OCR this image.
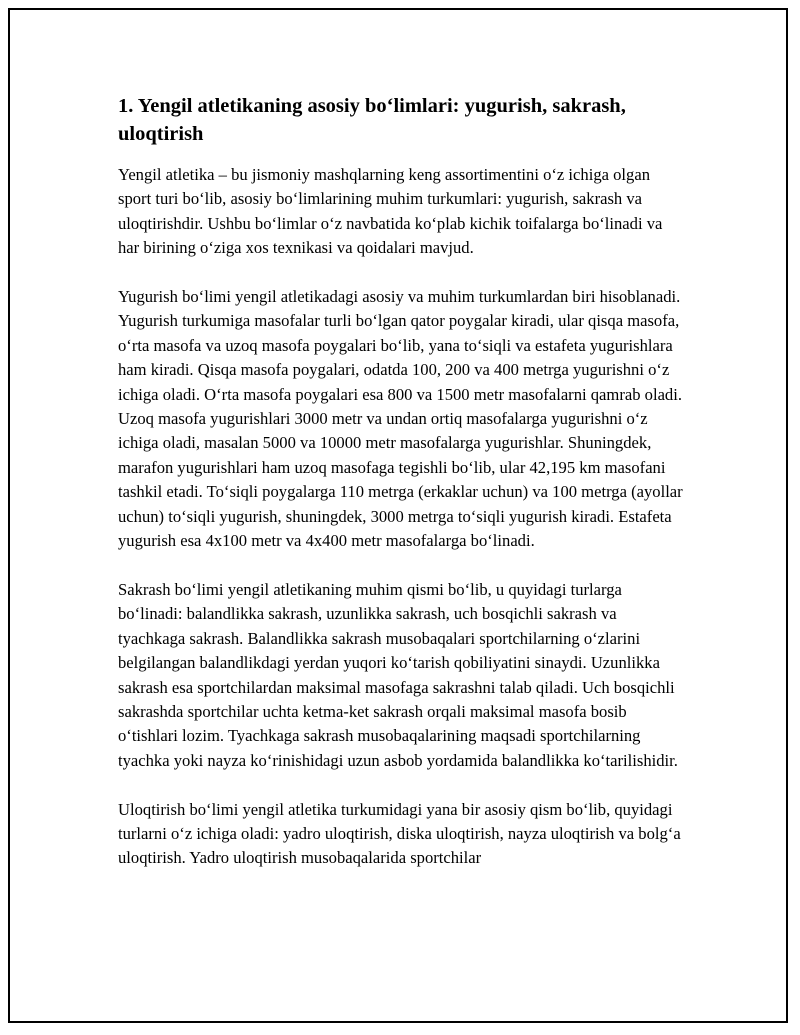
1. Yengil atletikaning asosiy bo‘limlari: yugurish, sakrash, uloqtirish

Yengil atletika – bu jismoniy mashqlarning keng assortimentini o‘z ichiga olgan sport turi bo‘lib, asosiy bo‘limlarining muhim turkumlari: yugurish, sakrash va uloqtirishdir. Ushbu bo‘limlar o‘z navbatida ko‘plab kichik toifalarga bo‘linadi va har birining o‘ziga xos texnikasi va qoidalari mavjud.

Yugurish bo‘limi yengil atletikadagi asosiy va muhim turkumlardan biri hisoblanadi. Yugurish turkumiga masofalar turli bo‘lgan qator poygalar kiradi, ular qisqa masofa, o‘rta masofa va uzoq masofa poygalari bo‘lib, yana to‘siqli va estafeta yugurishlara ham kiradi. Qisqa masofa poygalari, odatda 100, 200 va 400 metrga yugurishni o‘z ichiga oladi. O‘rta masofa poygalari esa 800 va 1500 metr masofalarni qamrab oladi. Uzoq masofa yugurishlari 3000 metr va undan ortiq masofalarga yugurishni o‘z ichiga oladi, masalan 5000 va 10000 metr masofalarga yugurishlar. Shuningdek, marafon yugurishlari ham uzoq masofaga tegishli bo‘lib, ular 42,195 km masofani tashkil etadi. To‘siqli poygalarga 110 metrga (erkaklar uchun) va 100 metrga (ayollar uchun) to‘siqli yugurish, shuningdek, 3000 metrga to‘siqli yugurish kiradi. Estafeta yugurish esa 4x100 metr va 4x400 metr masofalarga bo‘linadi.

Sakrash bo‘limi yengil atletikaning muhim qismi bo‘lib, u quyidagi turlarga bo‘linadi: balandlikka sakrash, uzunlikka sakrash, uch bosqichli sakrash va tyachkaga sakrash. Balandlikka sakrash musobaqalari sportchilarning o‘zlarini belgilangan balandlikdagi yerdan yuqori ko‘tarish qobiliyatini sinaydi. Uzunlikka sakrash esa sportchilardan maksimal masofaga sakrashni talab qiladi. Uch bosqichli sakrashda sportchilar uchta ketma-ket sakrash orqali maksimal masofa bosib o‘tishlari lozim. Tyachkaga sakrash musobaqalarining maqsadi sportchilarning tyachka yoki nayza ko‘rinishidagi uzun asbob yordamida balandlikka ko‘tarilishidir.

Uloqtirish bo‘limi yengil atletika turkumidagi yana bir asosiy qism bo‘lib, quyidagi turlarni o‘z ichiga oladi: yadro uloqtirish, diska uloqtirish, nayza uloqtirish va bolg‘a uloqtirish. Yadro uloqtirish musobaqalarida sportchilar
